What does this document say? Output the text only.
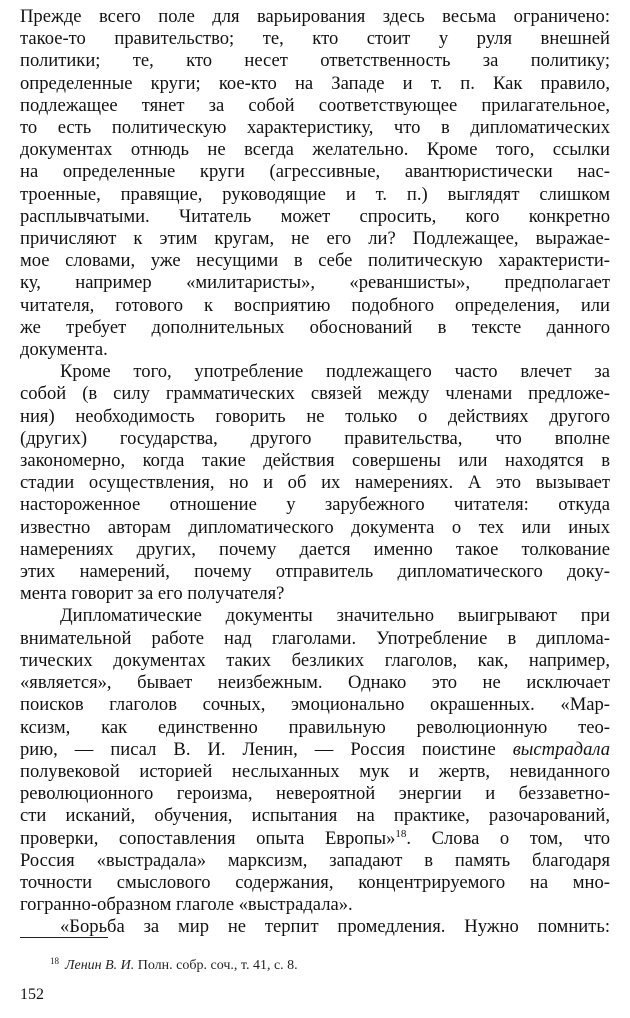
Прежде всего поле для варьирования здесь весьма ограничено:
такое-то правительство; те, кто стоит у руля внешней
политики; те, кто несет ответственность за политику;
определенные круги; кое-кто на Западе и т. п. Как правило,
подлежащее тянет за собой соответствующее прилагательное,
то есть политическую характеристику, что в дипломатических
документах отнюдь не всегда желательно. Кроме того, ссылки
на определенные круги (агрессивные, авантюристически нас-
троенные, правящие, руководящие и т. п.) выглядят слишком
расплывчатыми. Читатель может спросить, кого конкретно
причисляют к этим кругам, не его ли? Подлежащее, выражае-
мое словами, уже несущими в себе политическую характеристи-
ку, например «милитаристы», «реваншисты», предполагает
читателя, готового к восприятию подобного определения, или
же требует дополнительных обоснований в тексте данного
документа.

Кроме того, употребление подлежащего часто влечет за
собой (в силу грамматических связей между членами предложе-
ния) необходимость говорить не только о действиях другого
(других) государства, другого правительства, что вполне
закономерно, когда такие действия совершены или находятся в
стадии осуществления, но и об их намерениях. А это вызывает
настороженное отношение у зарубежного читателя: откуда
известно авторам дипломатического документа о тех или иных
намерениях других, почему дается именно такое толкование
этих намерений, почему отправитель дипломатического доку-
мента говорит за его получателя?

Дипломатические документы значительно выигрывают при
внимательной работе над глаголами. Употребление в диплома-
тических документах таких безликих глаголов, как, например,
«является», бывает неизбежным. Однако это не исключает
поисков глаголов сочных, эмоционально окрашенных. «Мар-
ксизм, как единственно правильную революционную тео-
рию, — писал В. И. Ленин, — Россия поистине выстрадала
полувековой историей неслыханных мук и жертв, невиданного
революционного героизма, невероятной энергии и беззаветно-
сти исканий, обучения, испытания на практике, разочарований,
проверки, сопоставления опыта Европы»$^{18}$. Слова о том, что
Россия «выстрадала» марксизм, западают в память благодаря
точности смыслового содержания, концентрируемого на мно-
гогранно-образном глаголе «выстрадала».

«Борьба за мир не терпит промедления. Нужно помнить:

$^{18}$ Ленин В. И. Полн. собр. соч., т. 41, с. 8.
152
